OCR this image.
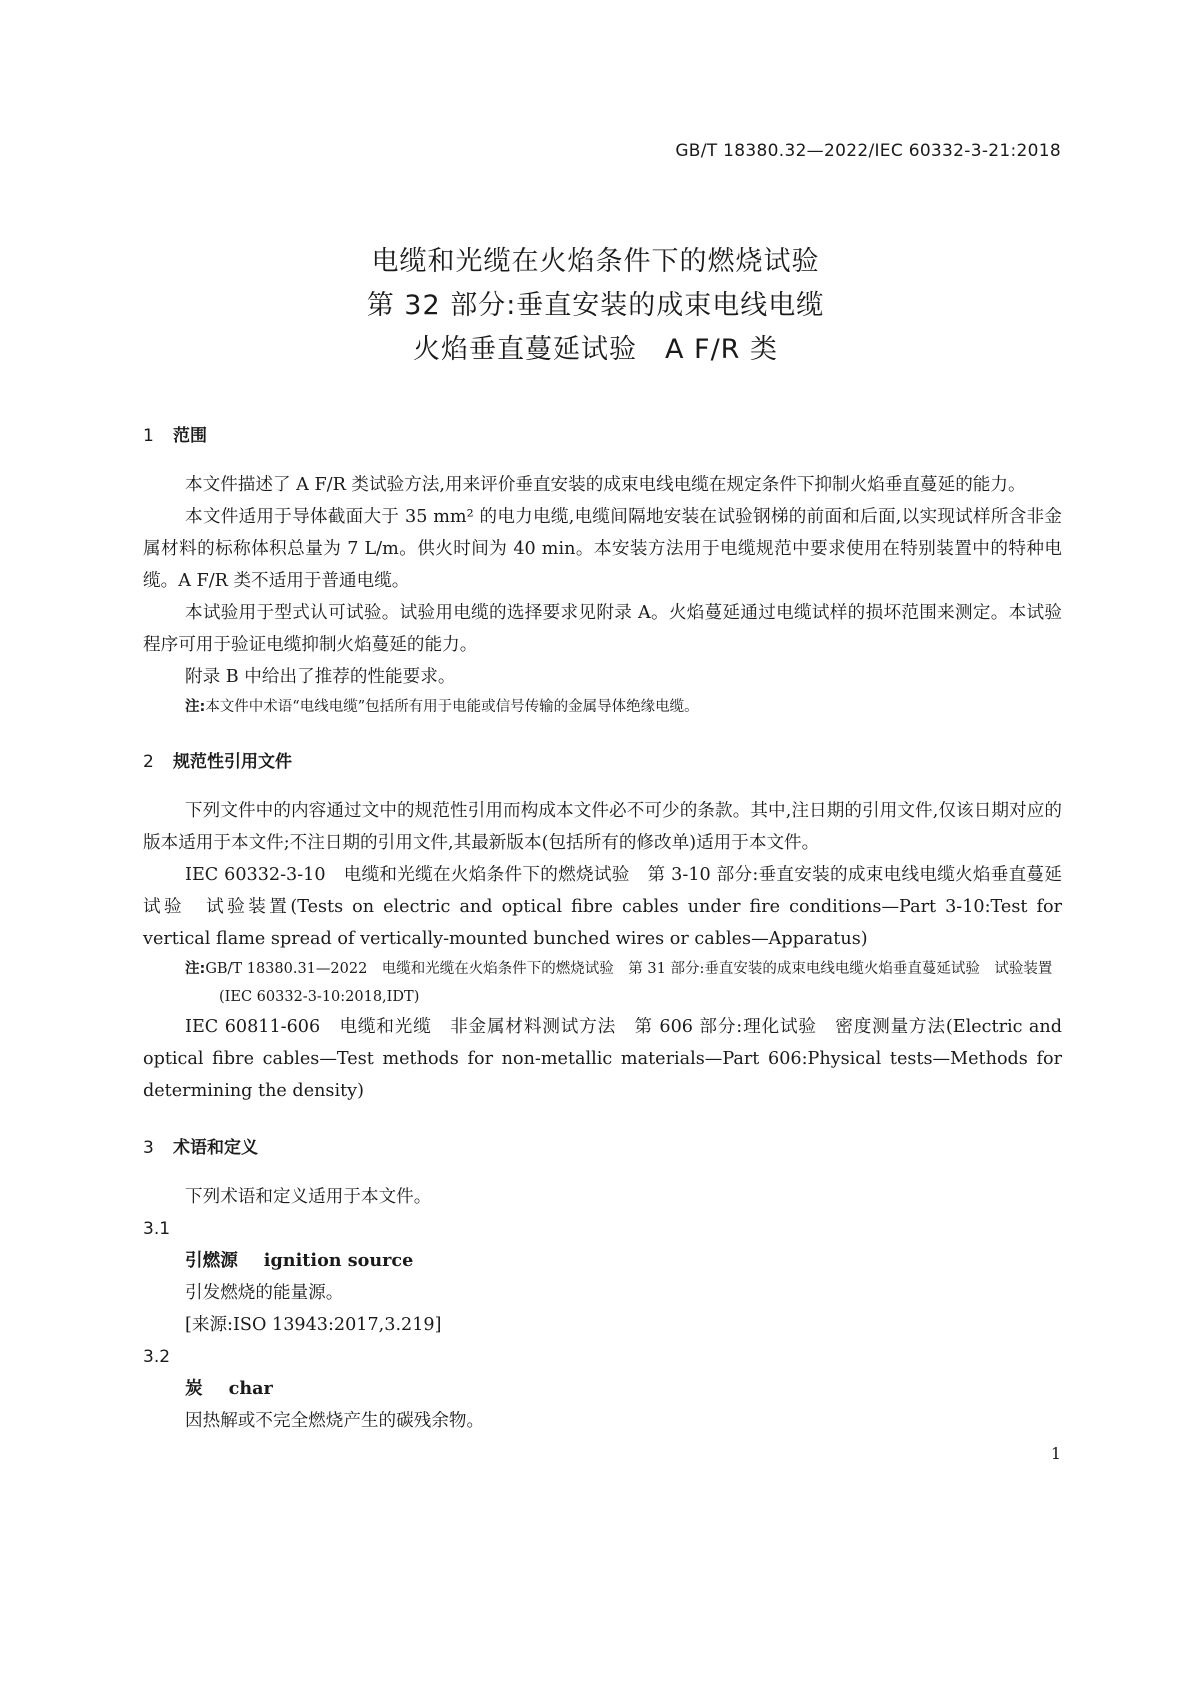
GB/T 18380.32—2022/IEC 60332-3-21:2018
电缆和光缆在火焰条件下的燃烧试验
第 32 部分:垂直安装的成束电线电缆
火焰垂直蔓延试验　A F/R 类
1 范围

本文件描述了 A F/R 类试验方法,用来评价垂直安装的成束电线电缆在规定条件下抑制火焰垂直蔓延的能力。

本文件适用于导体截面大于 35 mm² 的电力电缆,电缆间隔地安装在试验钢梯的前面和后面,以实现试样所含非金属材料的标称体积总量为 7 L/m。供火时间为 40 min。本安装方法用于电缆规范中要求使用在特别装置中的特种电缆。A F/R 类不适用于普通电缆。

本试验用于型式认可试验。试验用电缆的选择要求见附录 A。火焰蔓延通过电缆试样的损坏范围来测定。本试验程序可用于验证电缆抑制火焰蔓延的能力。

附录 B 中给出了推荐的性能要求。

注:本文件中术语“电线电缆”包括所有用于电能或信号传输的金属导体绝缘电缆。

2 规范性引用文件

下列文件中的内容通过文中的规范性引用而构成本文件必不可少的条款。其中,注日期的引用文件,仅该日期对应的版本适用于本文件;不注日期的引用文件,其最新版本(包括所有的修改单)适用于本文件。

IEC 60332-3-10　电缆和光缆在火焰条件下的燃烧试验　第 3-10 部分:垂直安装的成束电线电缆火焰垂直蔓延试验　试验装置(Tests on electric and optical fibre cables under fire conditions—Part 3-10:Test for vertical flame spread of vertically-mounted bunched wires or cables—Apparatus)

注:GB/T 18380.31—2022　电缆和光缆在火焰条件下的燃烧试验　第 31 部分:垂直安装的成束电线电缆火焰垂直蔓延试验　试验装置(IEC 60332-3-10:2018,IDT)

IEC 60811-606　电缆和光缆　非金属材料测试方法　第 606 部分:理化试验　密度测量方法(Electric and optical fibre cables—Test methods for non-metallic materials—Part 606:Physical tests—Methods for determining the density)

3 术语和定义

下列术语和定义适用于本文件。

3.1

引燃源 ignition source

引发燃烧的能量源。

[来源:ISO 13943:2017,3.219]

3.2

炭 char

因热解或不完全燃烧产生的碳残余物。

1
